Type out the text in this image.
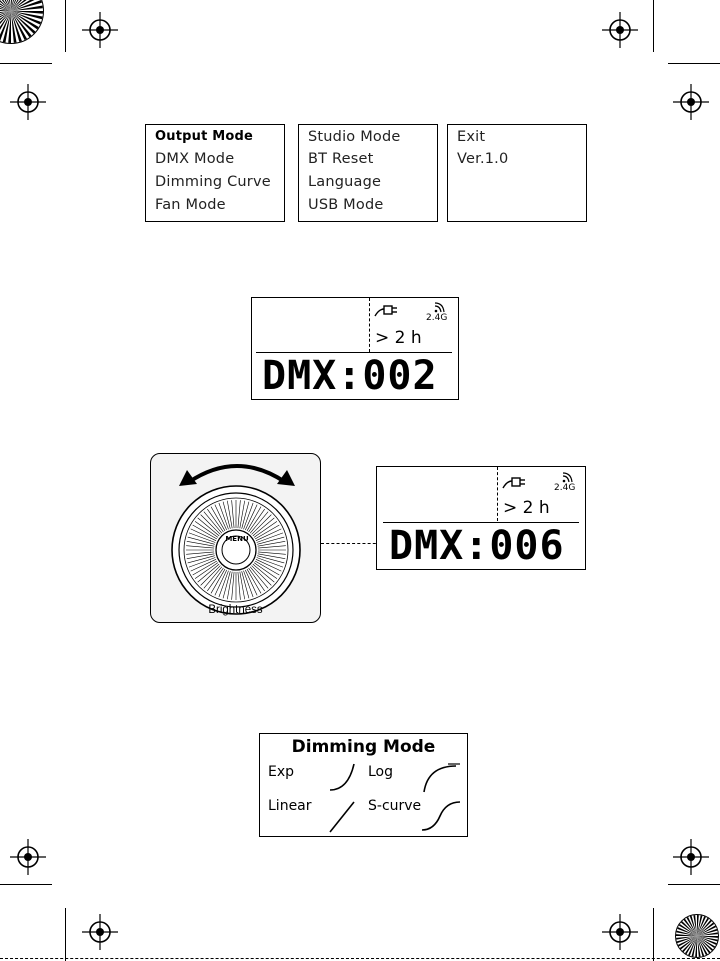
Output Mode
DMX Mode
Dimming Curve
Fan Mode
Studio Mode
BT Reset
Language
USB Mode
Exit
Ver.1.0
2.4G
> 2 h
DMX:002
MENU
Brightness
2.4G
> 2 h
DMX:006
Dimming Mode
Exp	Log
Linear	S-curve
